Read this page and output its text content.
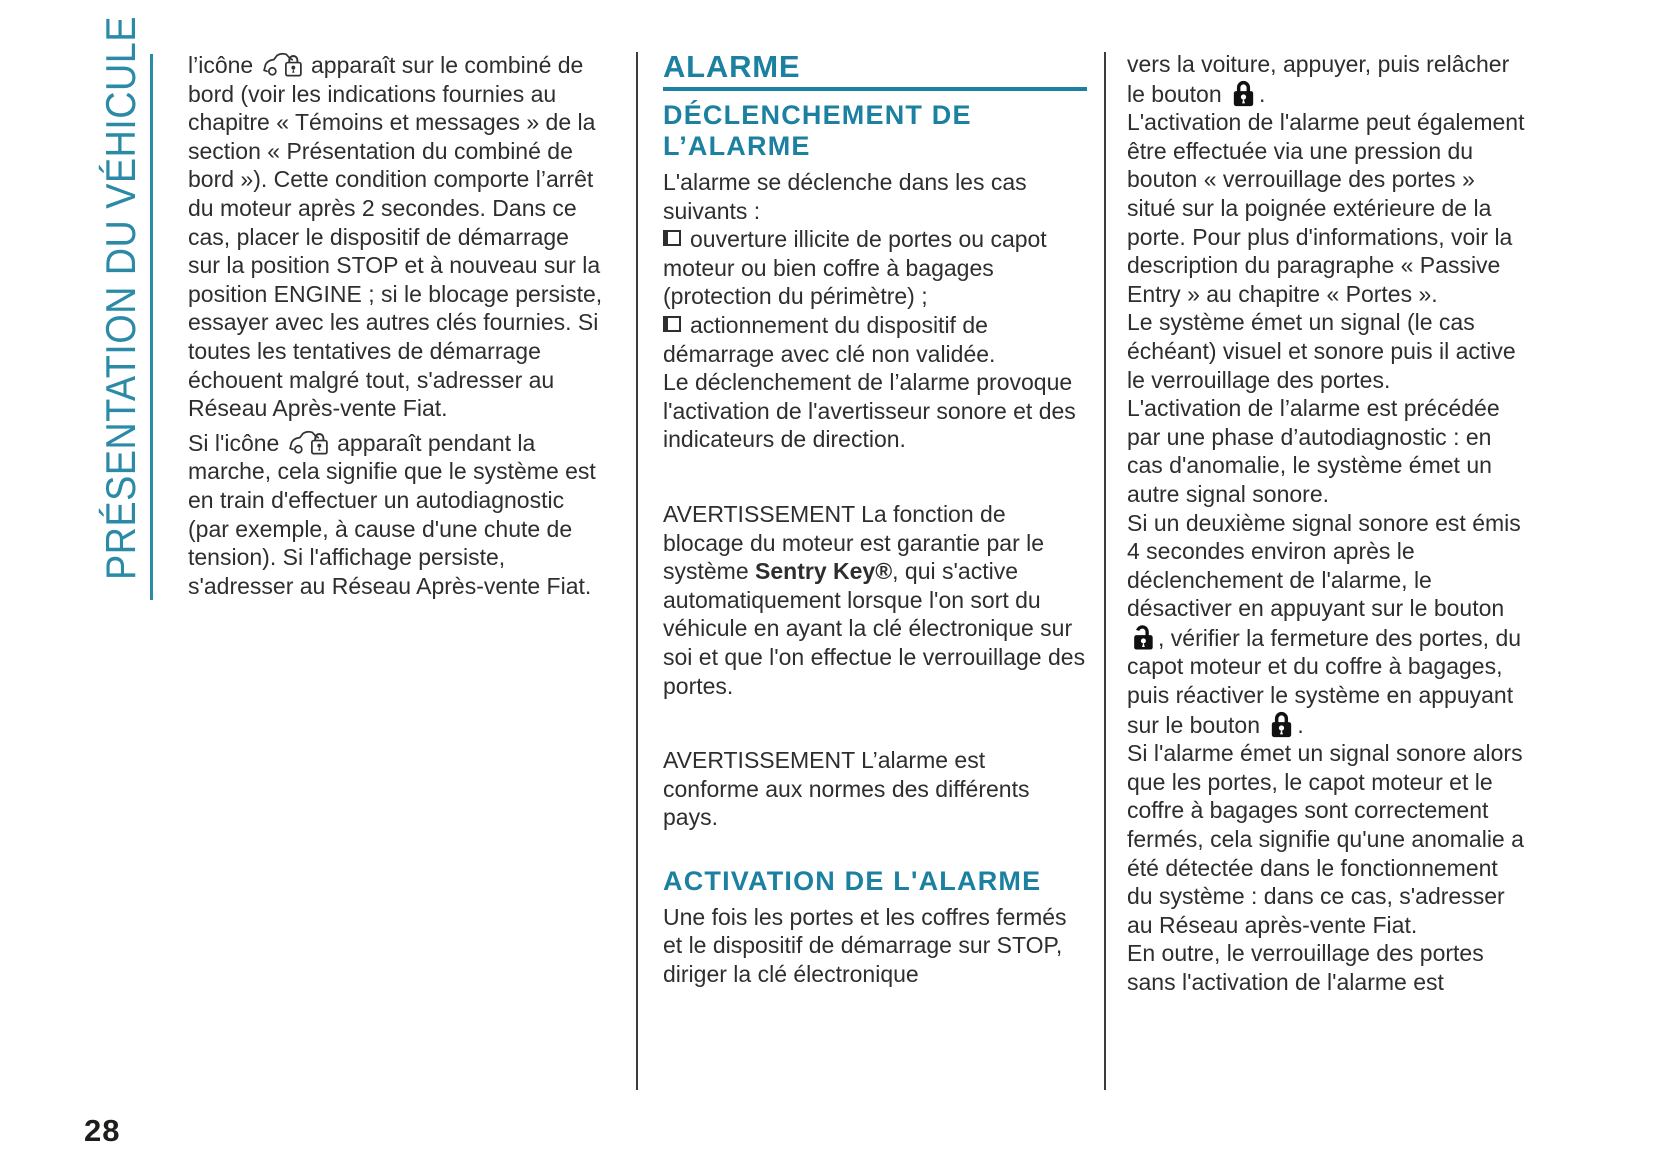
PRÉSENTATION DU VÉHICULE l’icône  apparaît sur le combiné de bord (voir les indications fournies au chapitre « Témoins et messages » de la section « Présentation du combiné de bord »). Cette condition comporte l’arrêt du moteur après 2 secondes. Dans ce cas, placer le dispositif de démarrage sur la position STOP et à nouveau sur la position ENGINE ; si le blocage persiste, essayer avec les autres clés fournies. Si toutes les tentatives de démarrage échouent malgré tout, s'adresser au Réseau Après-vente Fiat.

Si l'icône  apparaît pendant la marche, cela signifie que le système est en train d'effectuer un autodiagnostic (par exemple, à cause d'une chute de tension). Si l'affichage persiste, s'adresser au Réseau Après-vente Fiat.

ALARME
DÉCLENCHEMENT DE L’ALARME

L'alarme se déclenche dans les cas suivants :

ouverture illicite de portes ou capot moteur ou bien coffre à bagages (protection du périmètre) ;

actionnement du dispositif de démarrage avec clé non validée.

Le déclenchement de l’alarme provoque l'activation de l'avertisseur sonore et des indicateurs de direction.

AVERTISSEMENT La fonction de blocage du moteur est garantie par le système Sentry Key®, qui s'active automatiquement lorsque l'on sort du véhicule en ayant la clé électronique sur soi et que l'on effectue le verrouillage des portes.

AVERTISSEMENT L’alarme est conforme aux normes des différents pays.

ACTIVATION DE L'ALARME

Une fois les portes et les coffres fermés et le dispositif de démarrage sur STOP, diriger la clé électronique

vers la voiture, appuyer, puis relâcher le bouton .

L'activation de l'alarme peut également être effectuée via une pression du bouton « verrouillage des portes » situé sur la poignée extérieure de la porte. Pour plus d'informations, voir la description du paragraphe « Passive Entry » au chapitre « Portes ».

Le système émet un signal (le cas échéant) visuel et sonore puis il active le verrouillage des portes.

L'activation de l’alarme est précédée par une phase d’autodiagnostic : en cas d'anomalie, le système émet un autre signal sonore.

Si un deuxième signal sonore est émis 4 secondes environ après le déclenchement de l'alarme, le désactiver en appuyant sur le bouton , vérifier la fermeture des portes, du capot moteur et du coffre à bagages, puis réactiver le système en appuyant sur le bouton .

Si l'alarme émet un signal sonore alors que les portes, le capot moteur et le coffre à bagages sont correctement fermés, cela signifie qu'une anomalie a été détectée dans le fonctionnement du système : dans ce cas, s'adresser au Réseau après-vente Fiat.

En outre, le verrouillage des portes sans l'activation de l'alarme est

28
